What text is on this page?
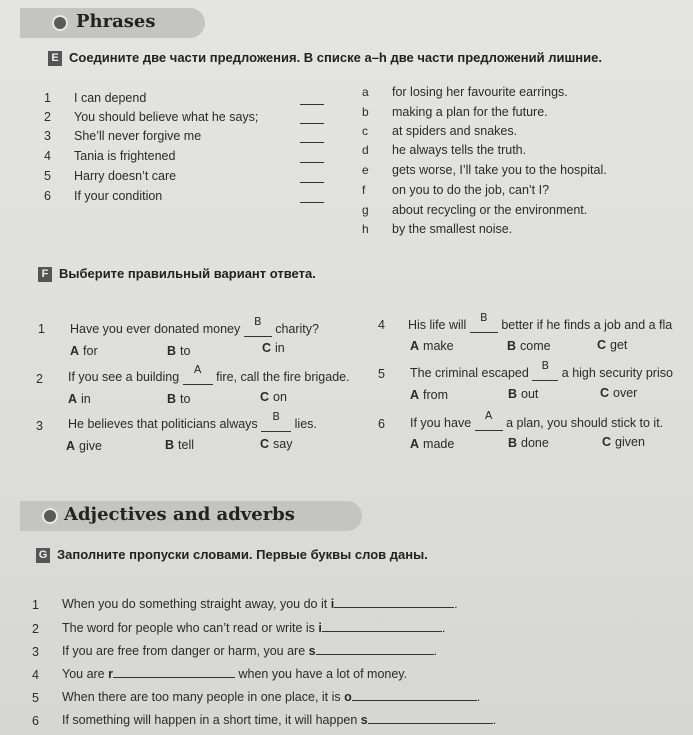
Phrases
E Соедините две части предложения. В списке a–h две части предложений лишние.
1 I can depend
2 You should believe what he says;
3 She’ll never forgive me
4 Tania is frightened
5 Harry doesn’t care
6 If your condition
a for losing her favourite earrings.
b making a plan for the future.
c at spiders and snakes.
d he always tells the truth.
e gets worse, I’ll take you to the hospital.
f on you to do the job, can’t I?
g about recycling or the environment.
h by the smallest noise.
F Выберите правильный вариант ответа.
1 Have you ever donated money
B
charity?
A for	B to	C in
2 If you see a building
A
fire, call the fire brigade.
A in	B to	C on
3 He believes that politicians always
B
lies.
A give	B tell	C say
4 His life will
B
better if he finds a job and a fla
A make	B come	C get
5 The criminal escaped
B
a high security priso
A from	B out	C over
6 If you have
A
a plan, you should stick to it.
A made	B done	C given
Adjectives and adverbs
G Заполните пропуски словами. Первые буквы слов даны.
1 When you do something straight away, you do it i	.
2 The word for people who can’t read or write is i	.
3 If you are free from danger or harm, you are s	.
4 You are r	when you have a lot of money.
5 When there are too many people in one place, it is o	.
6 If something will happen in a short time, it will happen s	.
